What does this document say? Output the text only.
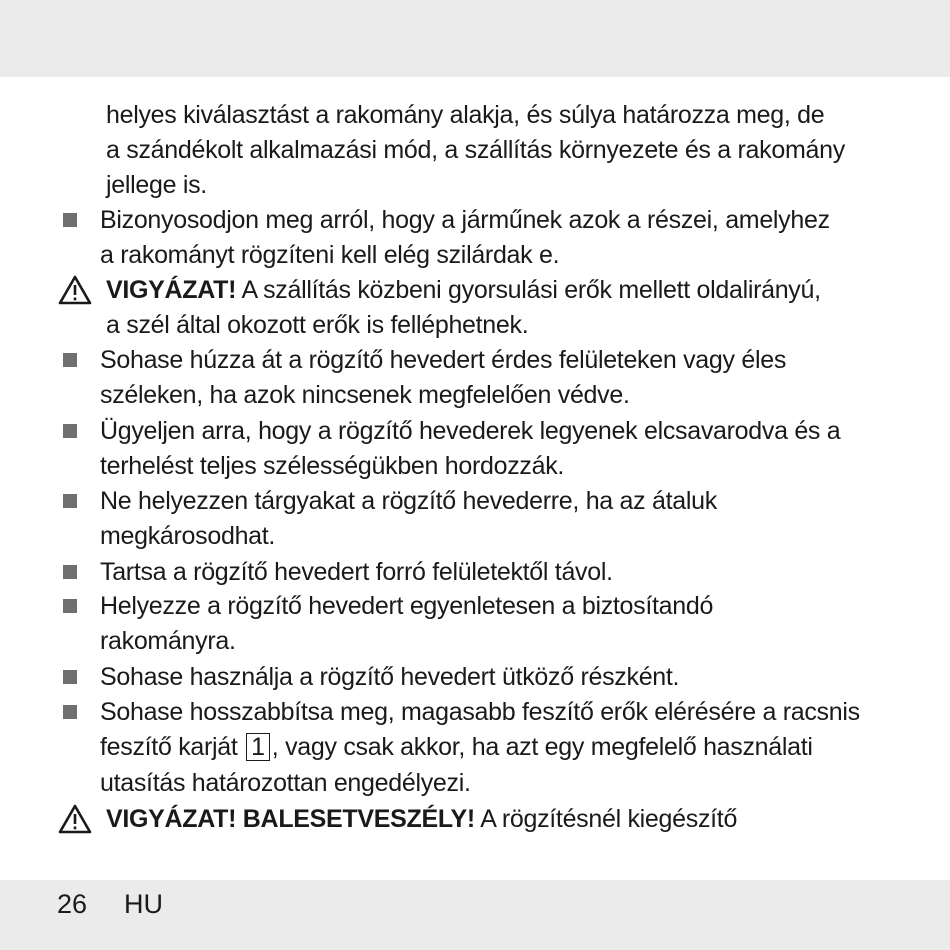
helyes kiválasztást a rakomány alakja, és súlya határozza meg, de
a szándékolt alkalmazási mód, a szállítás környezete és a rakomány
jellege is.
Bizonyosodjon meg arról, hogy a járműnek azok a részei, amelyhez
a rakományt rögzíteni kell elég szilárdak e.
VIGYÁZAT! A szállítás közbeni gyorsulási erők mellett oldalirányú,
a szél által okozott erők is felléphetnek.
Sohase húzza át a rögzítő hevedert érdes felületeken vagy éles
széleken, ha azok nincsenek megfelelően védve.
Ügyeljen arra, hogy a rögzítő hevederek legyenek elcsavarodva és a
terhelést teljes szélességükben hordozzák.
Ne helyezzen tárgyakat a rögzítő hevederre, ha az átaluk
megkárosodhat.
Tartsa a rögzítő hevedert forró felületektől távol.
Helyezze a rögzítő hevedert egyenletesen a biztosítandó
rakományra.
Sohase használja a rögzítő hevedert ütköző részként.
Sohase hosszabbítsa meg, magasabb feszítő erők elérésére a racsnis
feszítő karját 1 , vagy csak akkor, ha azt egy megfelelő használati
utasítás határozottan engedélyezi.
VIGYÁZAT! BALESETVESZÉLY! A rögzítésnél kiegészítő
26 HU
